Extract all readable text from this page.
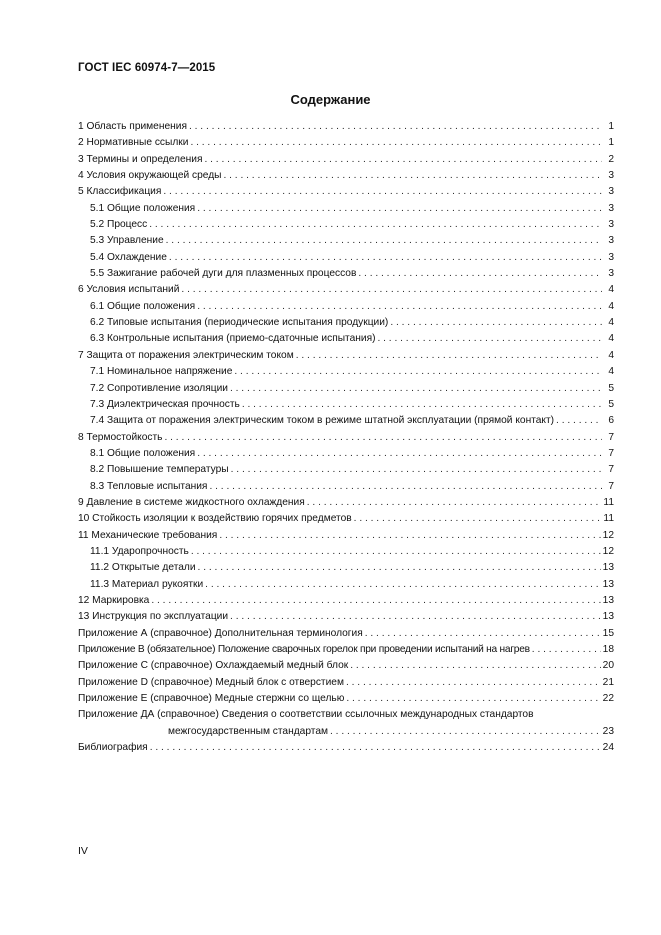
ГОСТ IEC 60974-7—2015
Содержание
1 Область применения . . .	1
2 Нормативные ссылки . . .	1
3 Термины и определения . . .	2
4 Условия окружающей среды . . .	3
5 Классификация . . .	3
5.1 Общие положения . . .	3
5.2 Процесс . . .	3
5.3 Управление . . .	3
5.4 Охлаждение . . .	3
5.5 Зажигание рабочей дуги для плазменных процессов . . .	3
6 Условия испытаний . . .	4
6.1 Общие положения . . .	4
6.2 Типовые испытания (периодические испытания продукции) . . .	4
6.3 Контрольные испытания (приемо-сдаточные испытания) . . .	4
7 Защита от поражения электрическим током . . .	4
7.1 Номинальное напряжение . . .	4
7.2 Сопротивление изоляции . . .	5
7.3 Диэлектрическая прочность . . .	5
7.4 Защита от поражения электрическим током в режиме штатной эксплуатации (прямой контакт) . . .	6
8 Термостойкость . . .	7
8.1 Общие положения . . .	7
8.2 Повышение температуры . . .	7
8.3 Тепловые испытания . . .	7
9 Давление в системе жидкостного охлаждения . . .	11
10 Стойкость изоляции к воздействию горячих предметов . . .	11
11 Механические требования . . .	12
11.1 Ударопрочность . . .	12
11.2 Открытые детали . . .	13
11.3 Материал рукоятки . . .	13
12 Маркировка . . .	13
13 Инструкция по эксплуатации . . .	13
Приложение А (справочное) Дополнительная терминология . . .	15
Приложение В (обязательное) Положение сварочных горелок при проведении испытаний на нагрев . . .	18
Приложение С (справочное) Охлаждаемый медный блок . . .	20
Приложение D (справочное) Медный блок с отверстием . . .	21
Приложение Е (справочное) Медные стержни со щелью . . .	22
Приложение ДА (справочное) Сведения о соответствии ссылочных международных стандартов
межгосударственным стандартам . . .	23
Библиография . . .	24
IV
